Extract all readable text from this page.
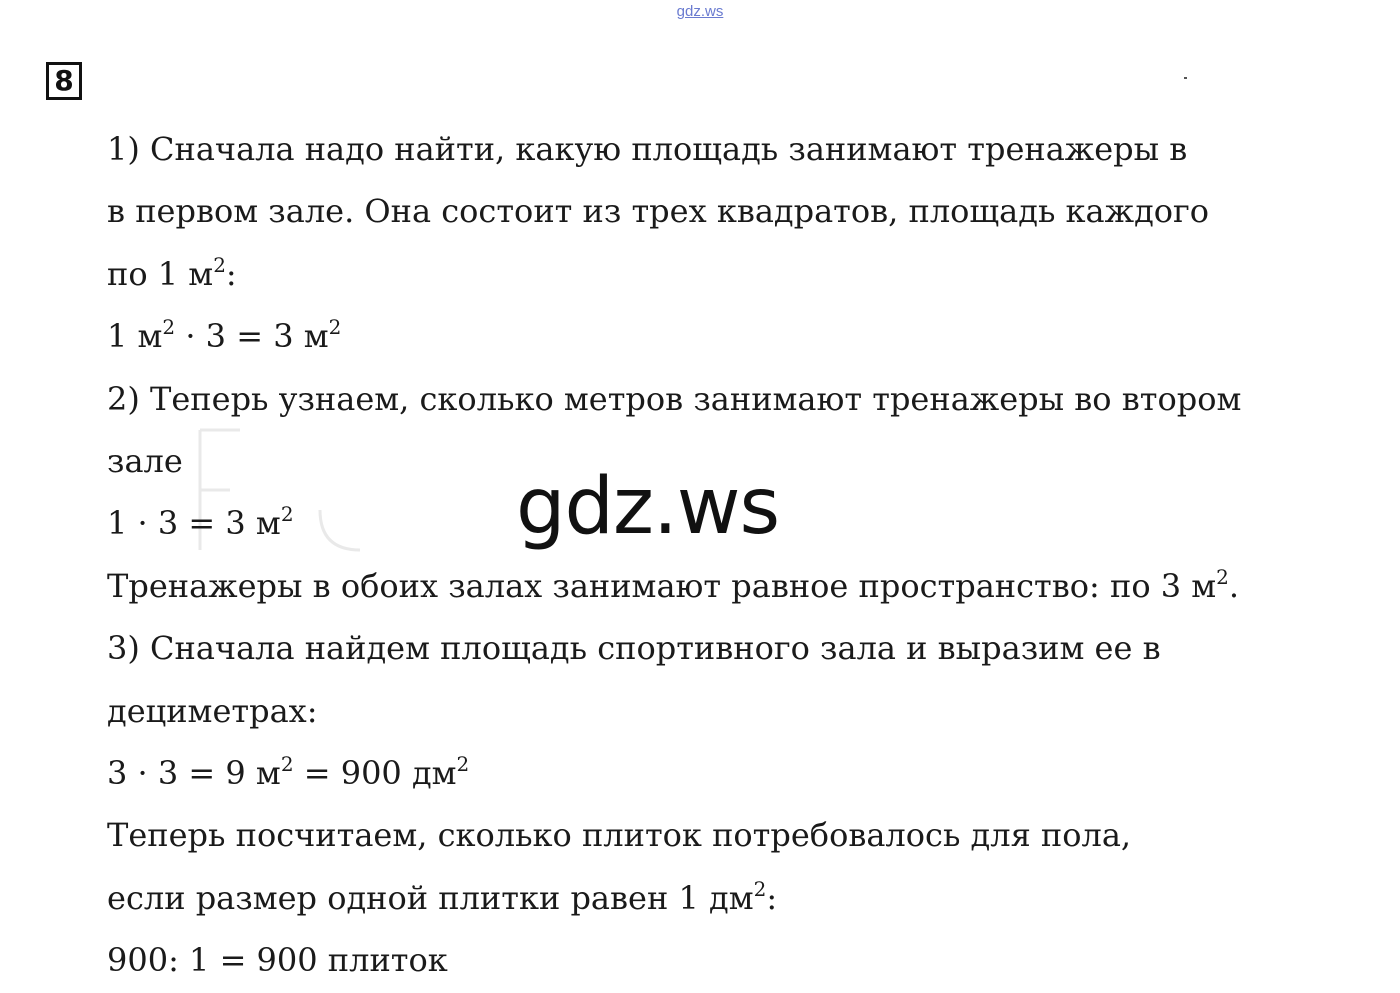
gdz.ws
8
1) Сначала надо найти, какую площадь занимают тренажеры в
в первом зале. Она состоит из трех квадратов, площадь каждого
по 1 $м^2$:
1 $м^2 \cdot 3 = 3$ $м^2$
2) Теперь узнаем, сколько метров занимают тренажеры во втором
зале
1 · 3 = 3 $м^2$
Тренажеры в обоих залах занимают равное пространство: по 3 $м^2$.
3) Сначала найдем площадь спортивного зала и выразим ее в
дециметрах:
3 · 3 = 9 $м^2 = 900$ $дм^2$
Теперь посчитаем, сколько плиток потребовалось для пола,
если размер одной плитки равен 1 $дм^2$:
900: 1 = 900 плиток
gdz.ws
